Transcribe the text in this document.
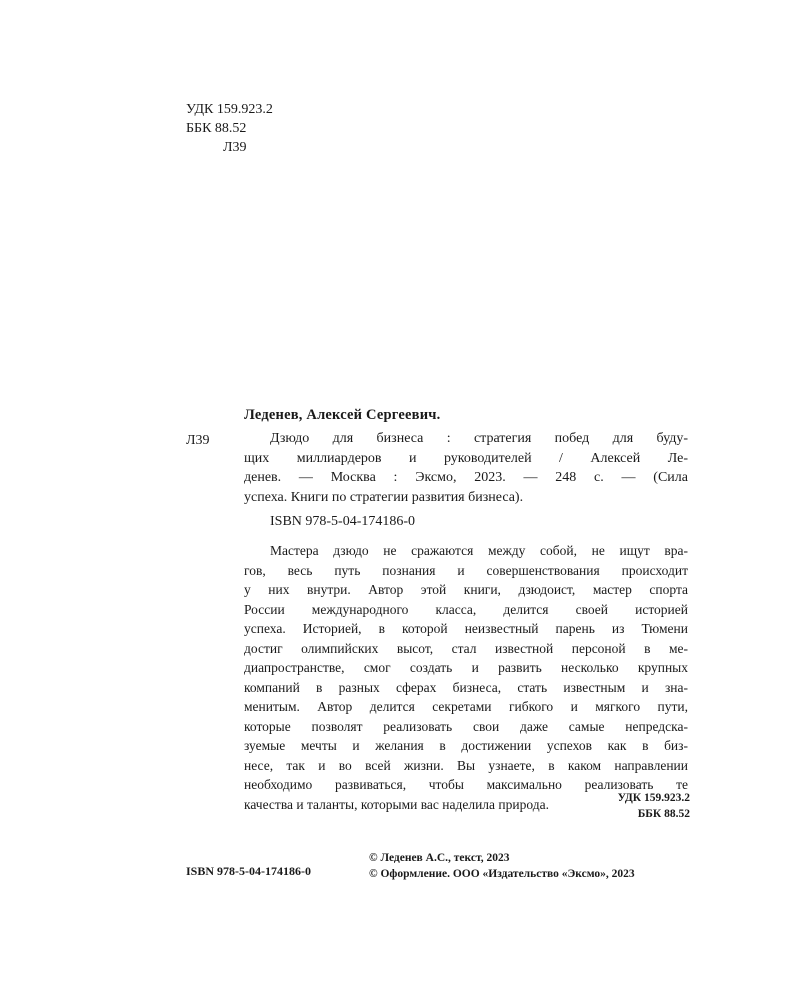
УДК 159.923.2
ББК 88.52
Л39
Леденев, Алексей Сергеевич.
Л39	Дзюдо для бизнеса : стратегия побед для буду-
щих миллиардеров и руководителей / Алексей Ле-
денев. — Москва : Эксмо, 2023. — 248 с. — (Сила
успеха. Книги по стратегии развития бизнеса).
ISBN 978-5-04-174186-0
Мастера дзюдо не сражаются между собой, не ищут вра-
гов, весь путь познания и совершенствования происходит
у них внутри. Автор этой книги, дзюдоист, мастер спорта
России международного класса, делится своей историей
успеха. Историей, в которой неизвестный парень из Тюмени
достиг олимпийских высот, стал известной персоной в ме-
диапространстве, смог создать и развить несколько крупных
компаний в разных сферах бизнеса, стать известным и зна-
менитым. Автор делится секретами гибкого и мягкого пути,
которые позволят реализовать свои даже самые непредска-
зуемые мечты и желания в достижении успехов как в биз-
несе, так и во всей жизни. Вы узнаете, в каком направлении
необходимо развиваться, чтобы максимально реализовать те
качества и таланты, которыми вас наделила природа.	УДК 159.923.2
ББК 88.52
ISBN 978-5-04-174186-0
© Леденев А.С., текст, 2023
© Оформление. ООО «Издательство «Эксмо», 2023
